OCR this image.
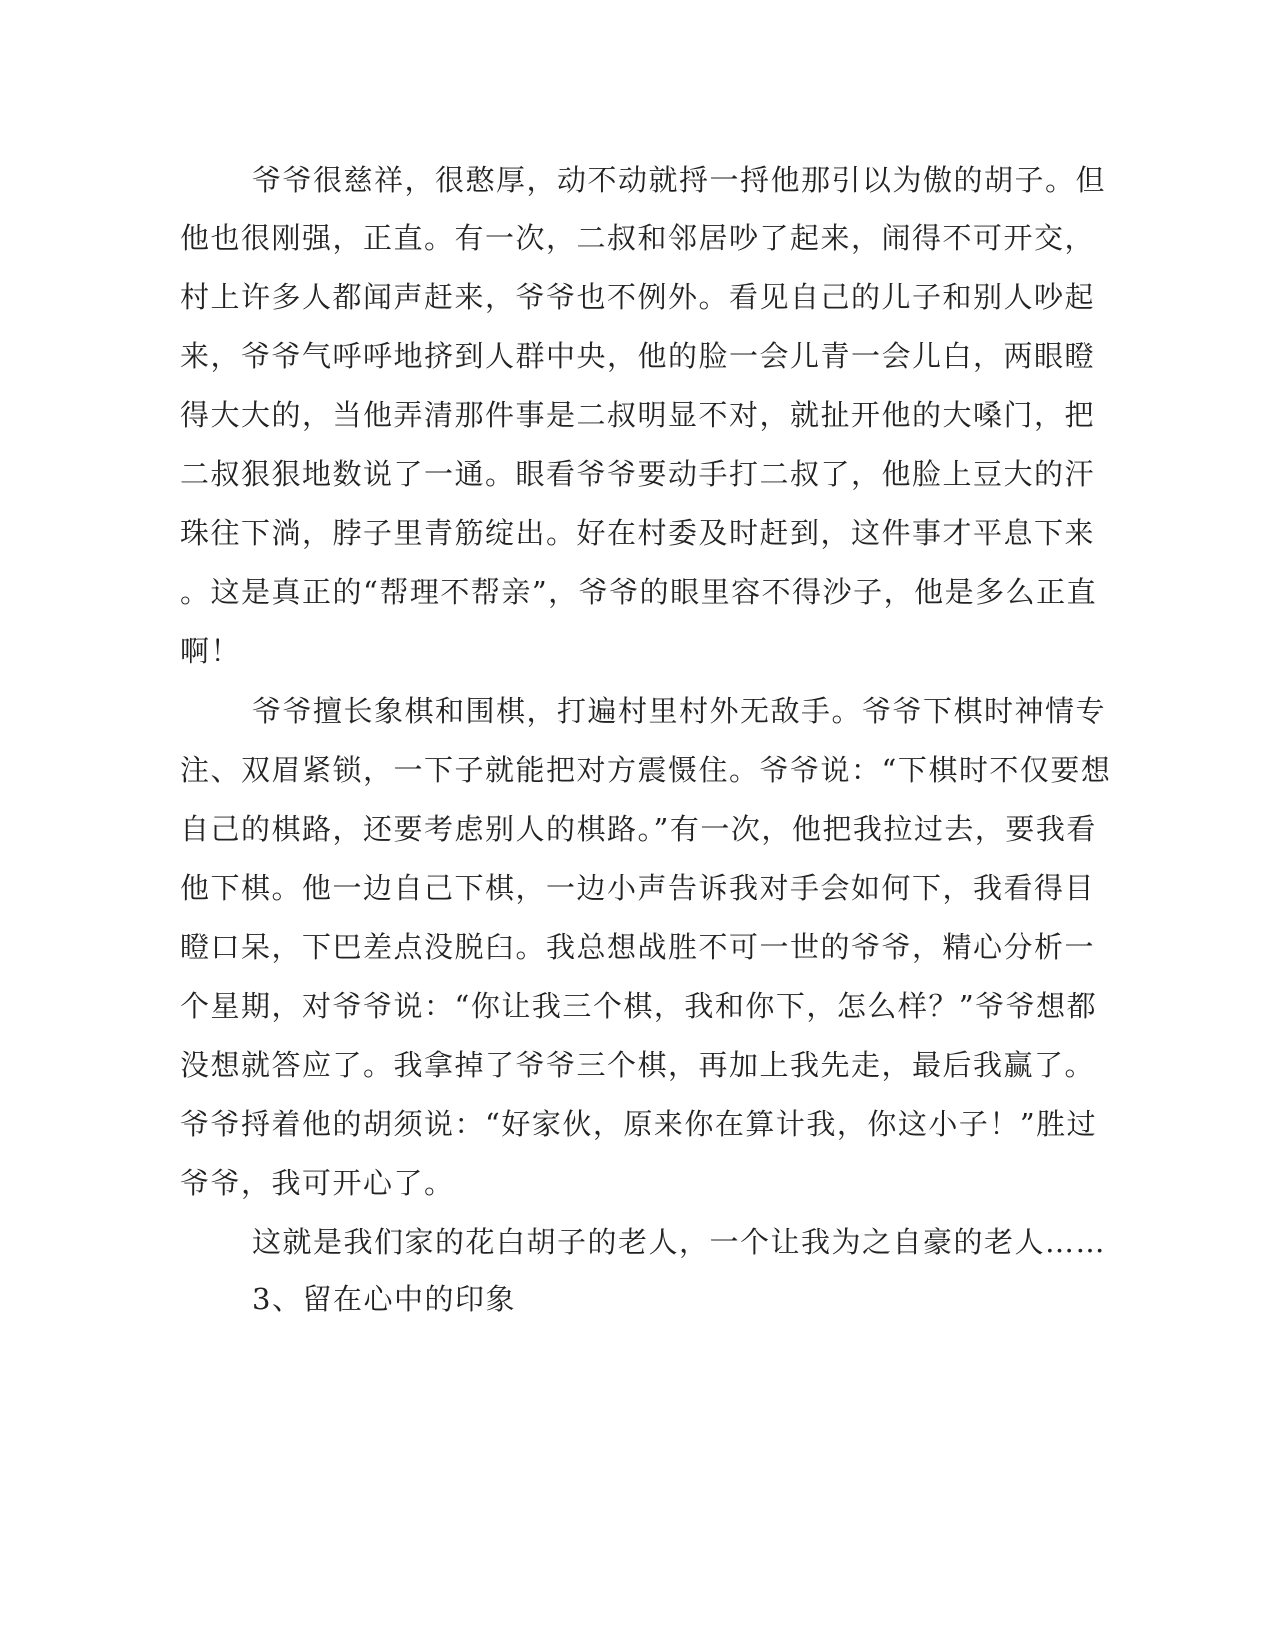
爷爷很慈祥，很憨厚，动不动就捋一捋他那引以为傲的胡子。但
他也很刚强，正直。有一次，二叔和邻居吵了起来，闹得不可开交，
村上许多人都闻声赶来，爷爷也不例外。看见自己的儿子和别人吵起
来，爷爷气呼呼地挤到人群中央，他的脸一会儿青一会儿白，两眼瞪
得大大的，当他弄清那件事是二叔明显不对，就扯开他的大嗓门，把
二叔狠狠地数说了一通。眼看爷爷要动手打二叔了，他脸上豆大的汗
珠往下淌，脖子里青筋绽出。好在村委及时赶到，这件事才平息下来
。这是真正的“帮理不帮亲”，爷爷的眼里容不得沙子，他是多么正直
啊！
爷爷擅长象棋和围棋，打遍村里村外无敌手。爷爷下棋时神情专
注、双眉紧锁，一下子就能把对方震慑住。爷爷说：“下棋时不仅要想
自己的棋路，还要考虑别人的棋路。”有一次，他把我拉过去，要我看
他下棋。他一边自己下棋，一边小声告诉我对手会如何下，我看得目
瞪口呆，下巴差点没脱臼。我总想战胜不可一世的爷爷，精心分析一
个星期，对爷爷说：“你让我三个棋，我和你下，怎么样？”爷爷想都
没想就答应了。我拿掉了爷爷三个棋，再加上我先走，最后我赢了。
爷爷捋着他的胡须说：“好家伙，原来你在算计我，你这小子！”胜过
爷爷，我可开心了。
这就是我们家的花白胡子的老人，一个让我为之自豪的老人……
3、留在心中的印象
